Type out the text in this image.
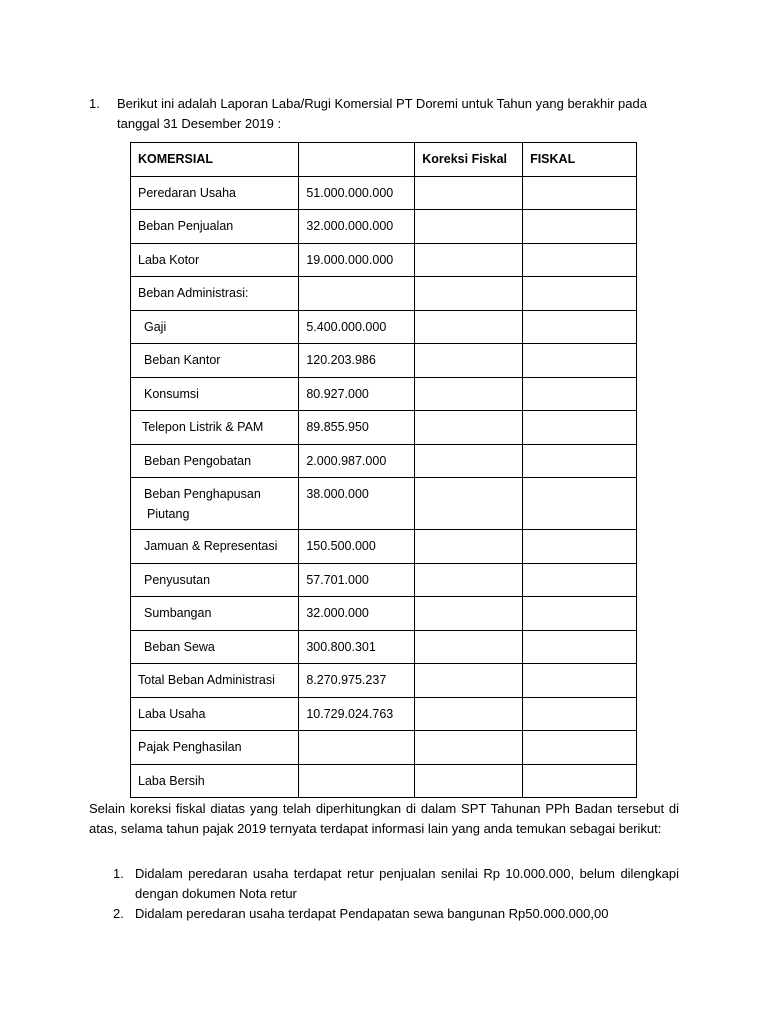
1. Berikut ini adalah Laporan Laba/Rugi Komersial PT Doremi untuk Tahun yang berakhir pada tanggal 31 Desember 2019 :
KOMERSIAL		Koreksi Fiskal	FISKAL
Peredaran Usaha	51.000.000.000		
Beban Penjualan	32.000.000.000		
Laba Kotor	19.000.000.000		
Beban Administrasi:			
Gaji	5.400.000.000		
Beban Kantor	120.203.986		
Konsumsi	80.927.000		
Telepon Listrik & PAM	89.855.950		
Beban Pengobatan	2.000.987.000		
Beban Penghapusan
Piutang	38.000.000		
Jamuan & Representasi	150.500.000		
Penyusutan	57.701.000		
Sumbangan	32.000.000		
Beban Sewa	300.800.301		
Total Beban Administrasi	8.270.975.237		
Laba Usaha	10.729.024.763		
Pajak Penghasilan			
Laba Bersih			
Selain koreksi fiskal diatas yang telah diperhitungkan di dalam SPT Tahunan PPh Badan tersebut di atas, selama tahun pajak 2019 ternyata terdapat informasi lain yang anda temukan sebagai berikut:
1. Didalam peredaran usaha terdapat retur penjualan senilai Rp 10.000.000, belum dilengkapi dengan dokumen Nota retur
2. Didalam peredaran usaha terdapat Pendapatan sewa bangunan Rp50.000.000,00
